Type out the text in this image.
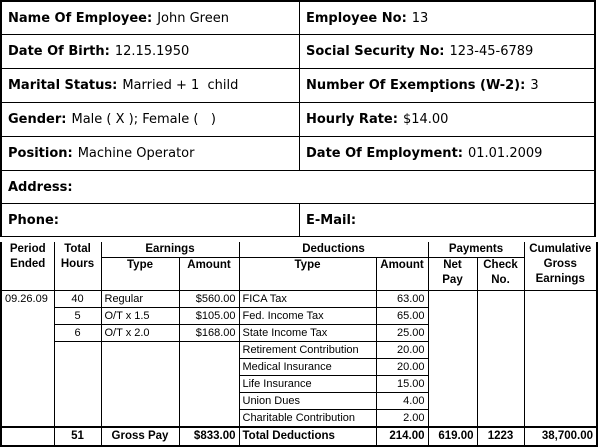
Name Of Employee: John Green	Employee No: 13
Date Of Birth: 12.15.1950	Social Security No: 123-45-6789
Marital Status: Married + 1  child	Number Of Exemptions (W-2): 3
Gender: Male ( X ); Female (   )	Hourly Rate: $14.00
Position: Machine Operator	Date Of Employment: 01.01.2009
Address:
Phone:	E-Mail:
Period Ended	Total Hours	Earnings		Deductions		Payments		Cumulative Gross Earnings
		Type	Amount	Type	Amount	Net Pay	Check No.	
09.26.09	40	Regular	$560.00	FICA Tax	63.00			
	5	O/T x 1.5	$105.00	Fed. Income Tax	65.00			
	6	O/T x 2.0	$168.00	State Income Tax	25.00			
				Retirement Contribution	20.00			
				Medical Insurance	20.00			
				Life Insurance	15.00			
				Union Dues	4.00			
				Charitable Contribution	2.00			
	51	Gross Pay	$833.00	Total Deductions	214.00	619.00	1223	38,700.00
